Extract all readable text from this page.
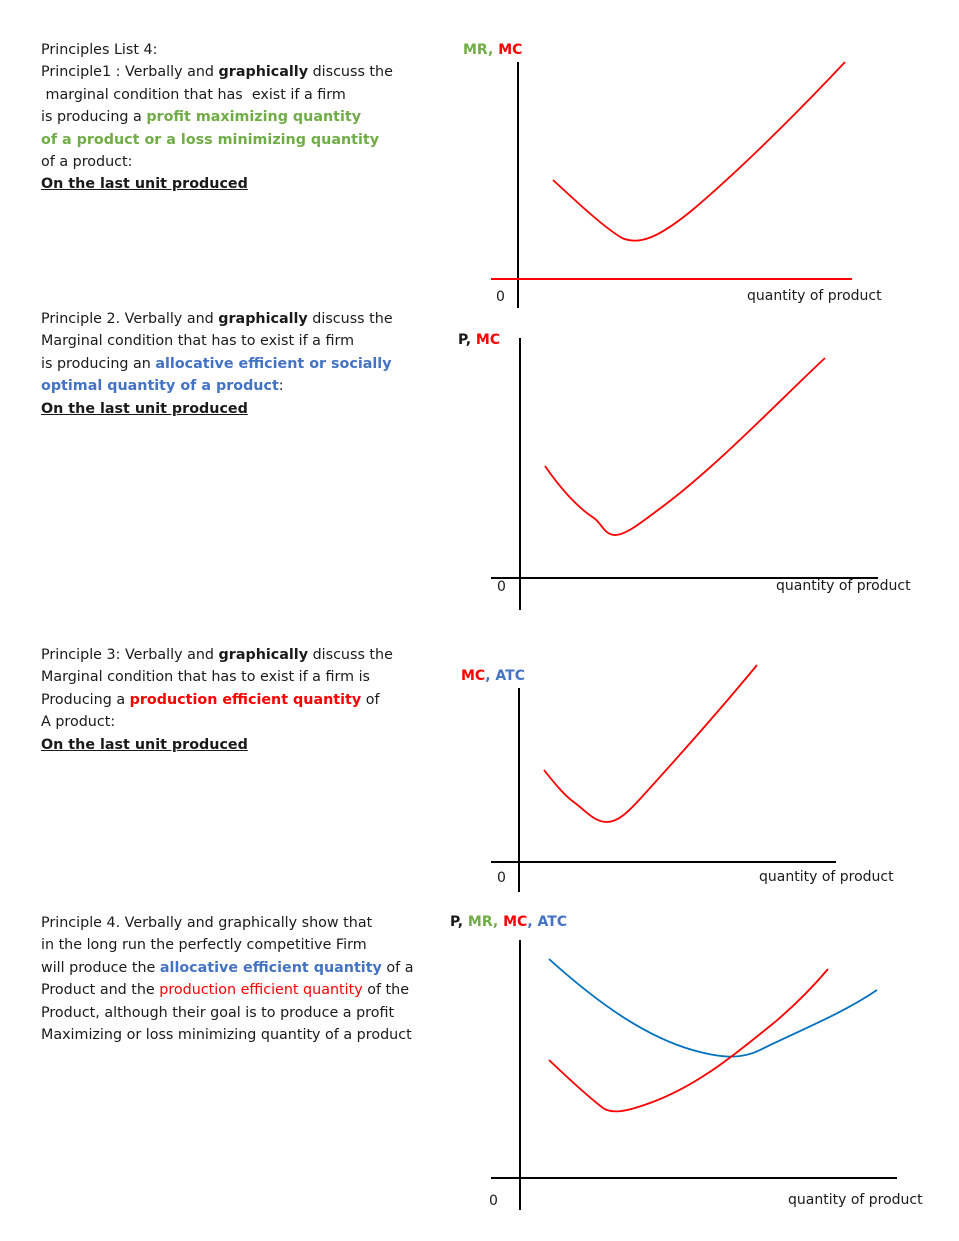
Principles List 4:
Principle1 : Verbally and graphically discuss the
marginal condition that has  exist if a firm
is producing a profit maximizing quantity
of a product or a loss minimizing quantity
of a product:
On the last unit produced
Principle 2. Verbally and graphically discuss the
Marginal condition that has to exist if a firm
is producing an allocative efficient or socially
optimal quantity of a product:
On the last unit produced
Principle 3: Verbally and graphically discuss the
Marginal condition that has to exist if a firm is
Producing a production efficient quantity of
A product:
On the last unit produced
Principle 4. Verbally and graphically show that
in the long run the perfectly competitive Firm
will produce the allocative efficient quantity of a
Product and the production efficient quantity of the
Product, although their goal is to produce a profit
Maximizing or loss minimizing quantity of a product
MR, MC
0	quantity of product
P, MC
0	quantity of product
MC, ATC
0	quantity of product
P, MR, MC, ATC
0	quantity of product
